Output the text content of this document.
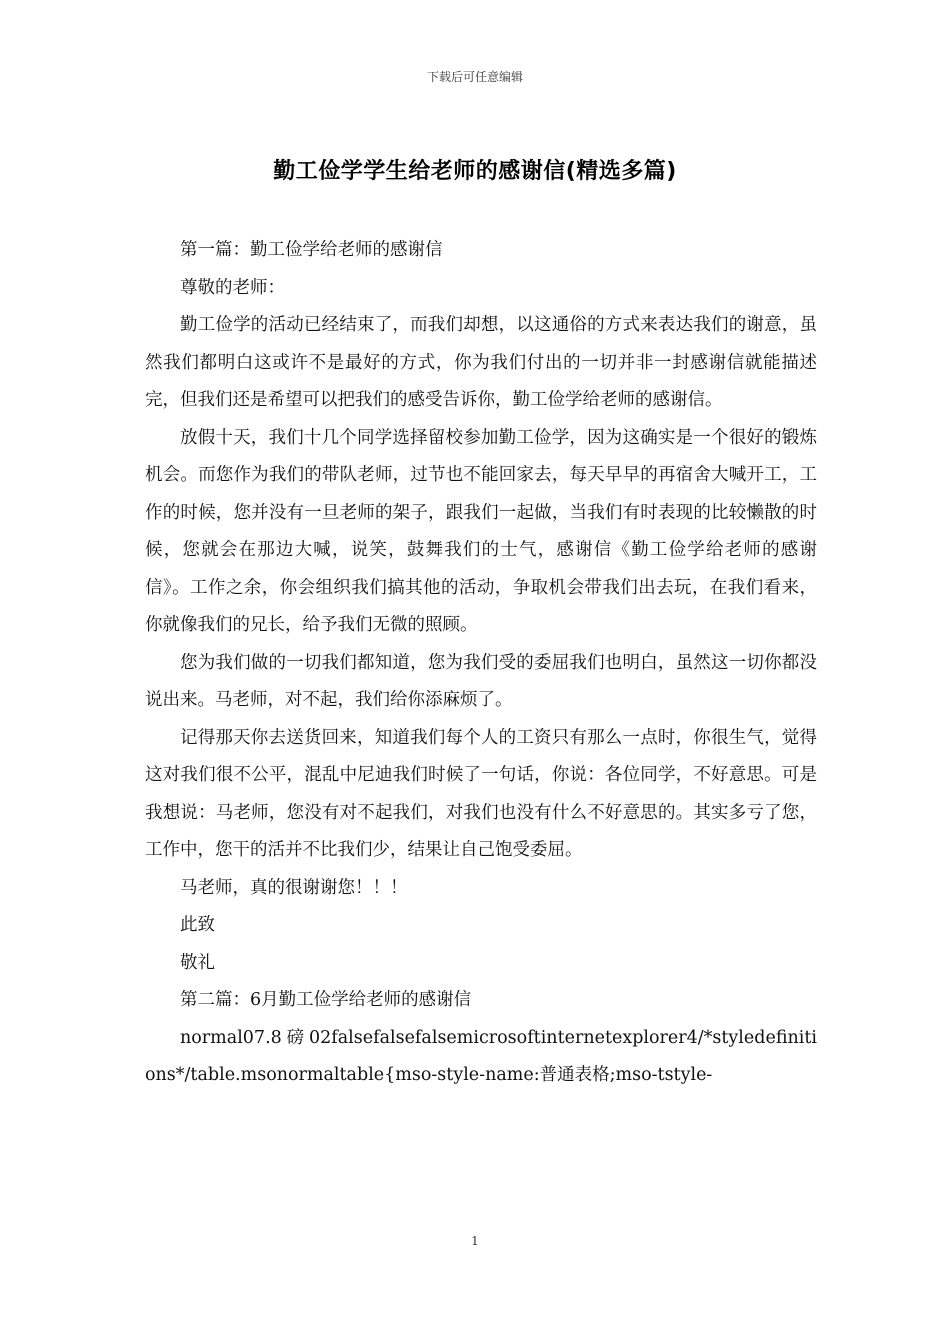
下载后可任意编辑
勤工俭学学生给老师的感谢信(精选多篇)

第一篇：勤工俭学给老师的感谢信

尊敬的老师：

勤工俭学的活动已经结束了，而我们却想，以这通俗的方式来表达我们的谢意，虽然我们都明白这或许不是最好的方式，你为我们付出的一切并非一封感谢信就能描述完，但我们还是希望可以把我们的感受告诉你，勤工俭学给老师的感谢信。

放假十天，我们十几个同学选择留校参加勤工俭学，因为这确实是一个很好的锻炼机会。而您作为我们的带队老师，过节也不能回家去，每天早早的再宿舍大喊开工，工作的时候，您并没有一旦老师的架子，跟我们一起做，当我们有时表现的比较懒散的时候，您就会在那边大喊，说笑，鼓舞我们的士气，感谢信《勤工俭学给老师的感谢信》。工作之余，你会组织我们搞其他的活动，争取机会带我们出去玩，在我们看来，你就像我们的兄长，给予我们无微的照顾。

您为我们做的一切我们都知道，您为我们受的委屈我们也明白，虽然这一切你都没说出来。马老师，对不起，我们给你添麻烦了。

记得那天你去送货回来，知道我们每个人的工资只有那么一点时，你很生气，觉得这对我们很不公平，混乱中尼迪我们时候了一句话，你说：各位同学，不好意思。可是我想说：马老师，您没有对不起我们，对我们也没有什么不好意思的。其实多亏了您，工作中，您干的活并不比我们少，结果让自己饱受委屈。

马老师，真的很谢谢您！！！

此致

敬礼

第二篇：6月勤工俭学给老师的感谢信

normal07.8磅02falsefalsefalsemicrosoftinternetexplorer4/*styledefinitions*/table.msonormaltable{mso-style-name:普通表格;mso-tstyle-

1
